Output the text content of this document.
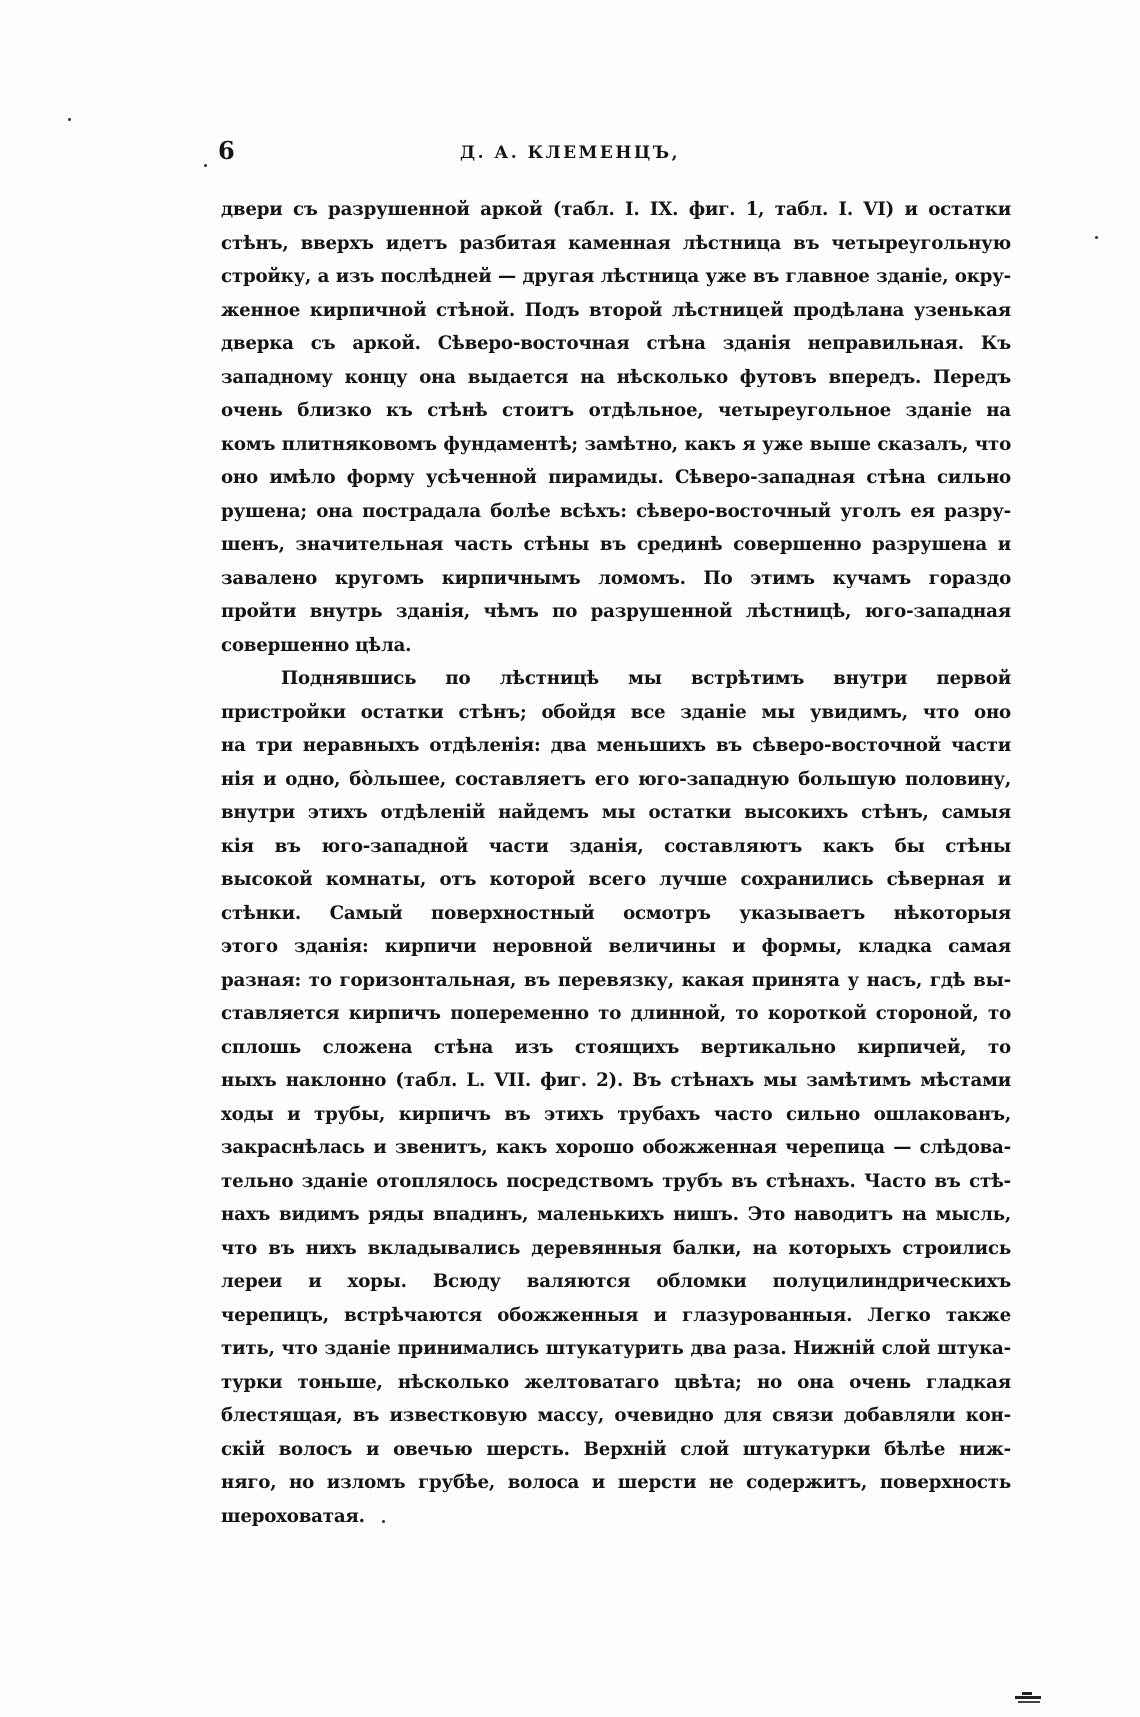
6	Д. А. КЛЕМЕНЦЪ,

двери съ разрушенной аркой (табл. I. IX. фиг. 1, табл. I. VI) и остатки
стѣнъ, вверхъ идетъ разбитая каменная лѣстница въ четыреугольную
стройку, а изъ послѣдней — другая лѣстница уже въ главное зданіе, окру-
женное кирпичной стѣной. Подъ второй лѣстницей продѣлана узенькая
дверка съ аркой. Сѣверо-восточная стѣна зданія неправильная. Къ
западному концу она выдается на нѣсколько футовъ впередъ. Передъ
очень близко къ стѣнѣ стоитъ отдѣльное, четыреугольное зданіе на
комъ плитняковомъ фундаментѣ; замѣтно, какъ я уже выше сказалъ, что
оно имѣло форму усѣченной пирамиды. Сѣверо-западная стѣна сильно
рушена; она пострадала болѣе всѣхъ: сѣверо-восточный уголъ ея разру-
шенъ, значительная часть стѣны въ срединѣ совершенно разрушена и
завалено кругомъ кирпичнымъ ломомъ. По этимъ кучамъ гораздо
пройти внутрь зданія, чѣмъ по разрушенной лѣстницѣ, юго-западная
совершенно цѣла.

Поднявшись по лѣстницѣ мы встрѣтимъ внутри первой
пристройки остатки стѣнъ; обойдя все зданіе мы увидимъ, что оно
на три неравныхъ отдѣленія: два меньшихъ въ сѣверо-восточной части
нія и одно, бо̀льшее, составляетъ его юго-западную большую половину,
внутри этихъ отдѣленій найдемъ мы остатки высокихъ стѣнъ, самыя
кія въ юго-западной части зданія, составляютъ какъ бы стѣны
высокой комнаты, отъ которой всего лучше сохранились сѣверная и
стѣнки. Самый поверхностный осмотръ указываетъ нѣкоторыя
этого зданія: кирпичи неровной величины и формы, кладка самая
разная: то горизонтальная, въ перевязку, какая принята у насъ, гдѣ вы-
ставляется кирпичъ попеременно то длинной, то короткой стороной, то
сплошь сложена стѣна изъ стоящихъ вертикально кирпичей, то
ныхъ наклонно (табл. L. VII. фиг. 2). Въ стѣнахъ мы замѣтимъ мѣстами
ходы и трубы, кирпичъ въ этихъ трубахъ часто сильно ошлакованъ,
закраснѣлась и звенитъ, какъ хорошо обожженная черепица — слѣдова-
тельно зданіе отоплялось посредствомъ трубъ въ стѣнахъ. Часто въ стѣ-
нахъ видимъ ряды впадинъ, маленькихъ нишъ. Это наводитъ на мысль,
что въ нихъ вкладывались деревянныя балки, на которыхъ строились
лереи и хоры. Всюду валяются обломки полуцилиндрическихъ
черепицъ, встрѣчаются обожженныя и глазурованныя. Легко также
тить, что зданіе принимались штукатурить два раза. Нижній слой штука-
турки тоньше, нѣсколько желтоватаго цвѣта; но она очень гладкая
блестящая, въ известковую массу, очевидно для связи добавляли кон-
скій волосъ и овечью шерсть. Верхній слой штукатурки бѣлѣе ниж-
няго, но изломъ грубѣе, волоса и шерсти не содержитъ, поверхность
шероховатая.
